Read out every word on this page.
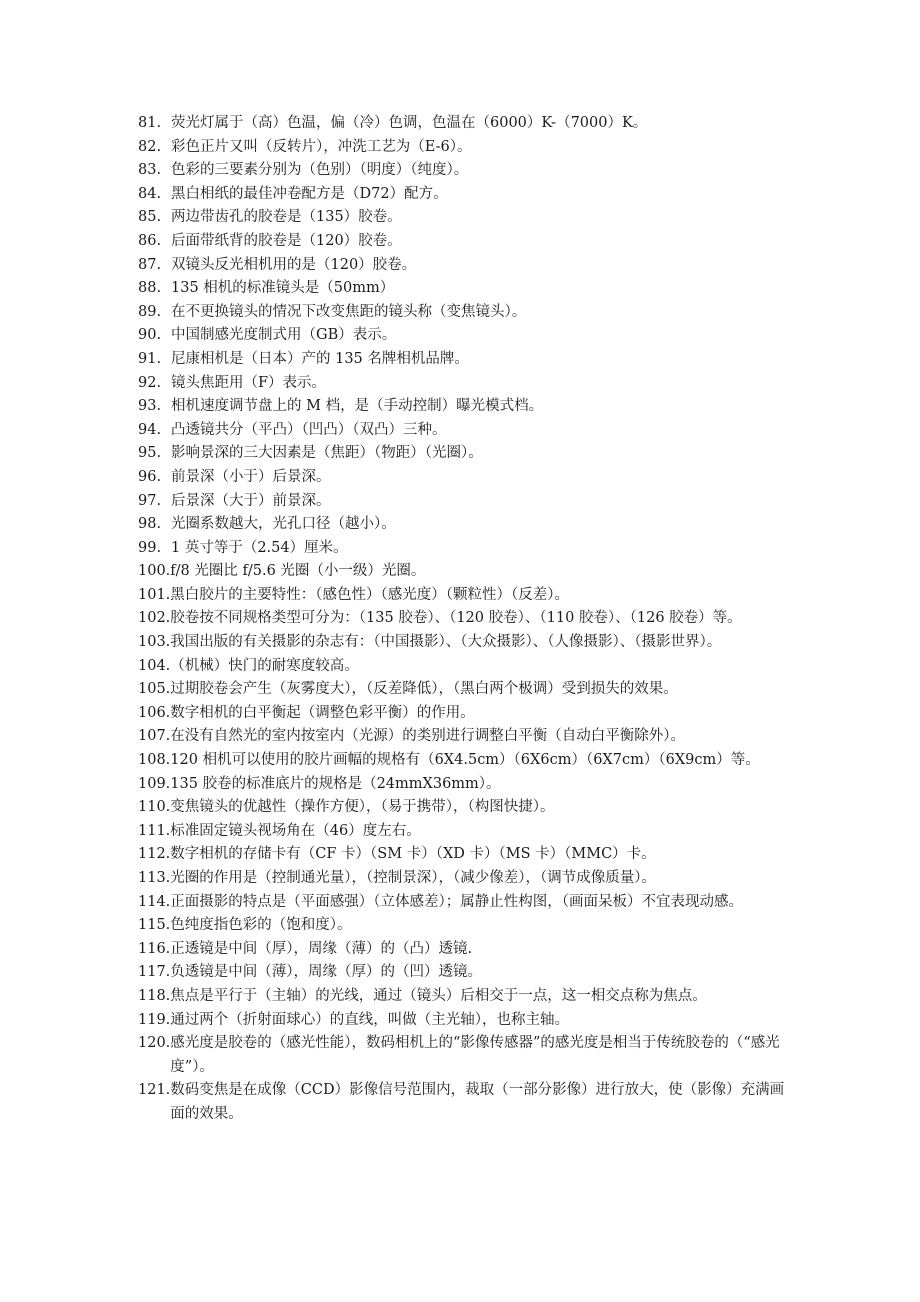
81. 荧光灯属于（高）色温，偏（冷）色调，色温在（6000）K-（7000）K。
82. 彩色正片又叫（反转片），冲洗工艺为（E-6）。
83. 色彩的三要素分别为（色别）（明度）（纯度）。
84. 黑白相纸的最佳冲卷配方是（D72）配方。
85. 两边带齿孔的胶卷是（135）胶卷。
86. 后面带纸背的胶卷是（120）胶卷。
87. 双镜头反光相机用的是（120）胶卷。
88. 135 相机的标准镜头是（50mm）
89. 在不更换镜头的情况下改变焦距的镜头称（变焦镜头）。
90. 中国制感光度制式用（GB）表示。
91. 尼康相机是（日本）产的 135 名牌相机品牌。
92. 镜头焦距用（F）表示。
93. 相机速度调节盘上的 M 档，是（手动控制）曝光模式档。
94. 凸透镜共分（平凸）（凹凸）（双凸）三种。
95. 影响景深的三大因素是（焦距）（物距）（光圈）。
96. 前景深（小于）后景深。
97. 后景深（大于）前景深。
98. 光圈系数越大，光孔口径（越小）。
99. 1 英寸等于（2.54）厘米。
100. f/8 光圈比 f/5.6 光圈（小一级）光圈。
101. 黑白胶片的主要特性：（感色性）（感光度）（颗粒性）（反差）。
102. 胶卷按不同规格类型可分为：（135 胶卷）、（120 胶卷）、（110 胶卷）、（126 胶卷）等。
103. 我国出版的有关摄影的杂志有：（中国摄影）、（大众摄影）、（人像摄影）、（摄影世界）。
104. （机械）快门的耐寒度较高。
105. 过期胶卷会产生（灰雾度大），（反差降低），（黑白两个极调）受到损失的效果。
106. 数字相机的白平衡起（调整色彩平衡）的作用。
107. 在没有自然光的室内按室内（光源）的类别进行调整白平衡（自动白平衡除外）。
108. 120 相机可以使用的胶片画幅的规格有（6X4.5cm）（6X6cm）（6X7cm）（6X9cm）等。
109. 135 胶卷的标准底片的规格是（24mmX36mm）。
110. 变焦镜头的优越性（操作方便），（易于携带），（构图快捷）。
111. 标准固定镜头视场角在（46）度左右。
112. 数字相机的存储卡有（CF 卡）（SM 卡）（XD 卡）（MS 卡）（MMC）卡。
113. 光圈的作用是（控制通光量），（控制景深），（减少像差），（调节成像质量）。
114. 正面摄影的特点是（平面感强）（立体感差）；属静止性构图，（画面呆板）不宜表现动感。
115. 色纯度指色彩的（饱和度）。
116. 正透镜是中间（厚），周缘（薄）的（凸）透镜.
117. 负透镜是中间（薄），周缘（厚）的（凹）透镜。
118. 焦点是平行于（主轴）的光线，通过（镜头）后相交于一点，这一相交点称为焦点。
119. 通过两个（折射面球心）的直线，叫做（主光轴），也称主轴。
120. 感光度是胶卷的（感光性能），数码相机上的“影像传感器”的感光度是相当于传统胶卷的（“感光度”）。
121. 数码变焦是在成像（CCD）影像信号范围内，裁取（一部分影像）进行放大，使（影像）充满画面的效果。
